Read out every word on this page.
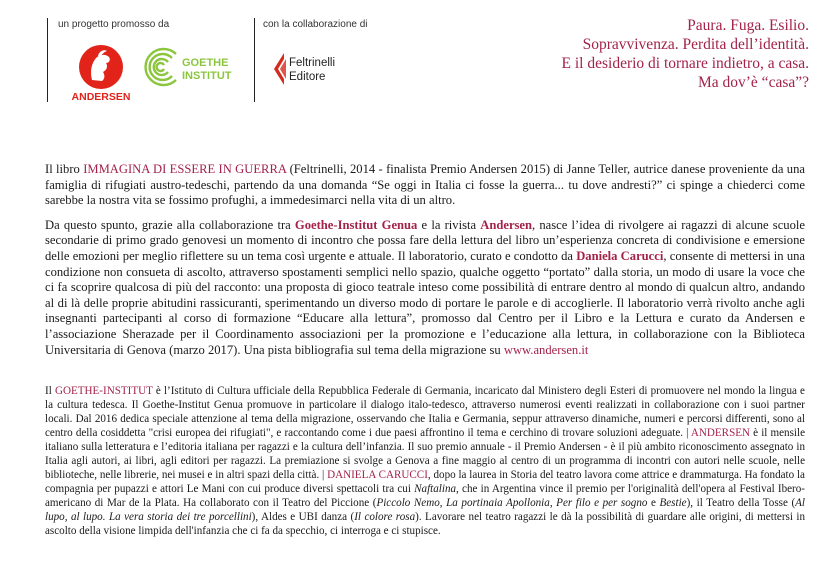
un progetto promosso da
ANDERSEN
GOETHE
INSTITUT
con la collaborazione di
Feltrinelli
Editore
Paura. Fuga. Esilio.
Sopravvivenza. Perdita dell’identità.
E il desiderio di tornare indietro, a casa.
Ma dov’è “casa”?

Il libro IMMAGINA DI ESSERE IN GUERRA (Feltrinelli, 2014 - finalista Premio Andersen 2015) di Janne Teller, autrice danese proveniente da una famiglia di rifugiati austro-tedeschi, partendo da una domanda “Se oggi in Italia ci fosse la guerra... tu dove andresti?” ci spinge a chiederci come sarebbe la nostra vita se fossimo profughi, a immedesimarci nella vita di un altro.

Da questo spunto, grazie alla collaborazione tra Goethe-Institut Genua e la rivista Andersen, nasce l’idea di rivolgere ai ragazzi di alcune scuole secondarie di primo grado genovesi un momento di incontro che possa fare della lettura del libro un’esperienza concreta di condivisione e emersione delle emozioni per meglio riflettere su un tema così urgente e attuale. Il laboratorio, curato e condotto da Daniela Carucci, consente di mettersi in una condizione non consueta di ascolto, attraverso spostamenti semplici nello spazio, qualche oggetto “portato” dalla storia, un modo di usare la voce che ci fa scoprire qualcosa di più del racconto: una proposta di gioco teatrale inteso come possibilità di entrare dentro al mondo di qualcun altro, andando al di là delle proprie abitudini rassicuranti, sperimentando un diverso modo di portare le parole e di accoglierle. Il laboratorio verrà rivolto anche agli insegnanti partecipanti al corso di formazione “Educare alla lettura”, promosso dal Centro per il Libro e la Lettura e curato da Andersen e l’associazione Sherazade per il Coordinamento associazioni per la promozione e l’educazione alla lettura, in collaborazione con la Biblioteca Universitaria di Genova (marzo 2017). Una pista bibliografia sul tema della migrazione su www.andersen.it

Il GOETHE-INSTITUT è l’Istituto di Cultura ufficiale della Repubblica Federale di Germania, incaricato dal Ministero degli Esteri di promuovere nel mondo la lingua e la cultura tedesca. Il Goethe-Institut Genua promuove in particolare il dialogo italo-tedesco, attraverso numerosi eventi realizzati in collaborazione con i suoi partner locali. Dal 2016 dedica speciale attenzione al tema della migrazione, osservando che Italia e Germania, seppur attraverso dinamiche, numeri e percorsi differenti, sono al centro della cosiddetta "crisi europea dei rifugiati", e raccontando come i due paesi affrontino il tema e cerchino di trovare soluzioni adeguate. | ANDERSEN è il mensile italiano sulla letteratura e l’editoria italiana per ragazzi e la cultura dell’infanzia. Il suo premio annuale - il Premio Andersen - è il più ambito riconoscimento assegnato in Italia agli autori, ai libri, agli editori per ragazzi. La premiazione si svolge a Genova a fine maggio al centro di un programma di incontri con autori nelle scuole, nelle biblioteche, nelle librerie, nei musei e in altri spazi della città. | DANIELA CARUCCI, dopo la laurea in Storia del teatro lavora come attrice e drammaturga. Ha fondato la compagnia per pupazzi e attori Le Mani con cui produce diversi spettacoli tra cui Naftalina, che in Argentina vince il premio per l'originalità dell'opera al Festival Ibero-americano di Mar de la Plata. Ha collaborato con il Teatro del Piccione (Piccolo Nemo, La portinaia Apollonia, Per filo e per sogno e Bestie), il Teatro della Tosse (Al lupo, al lupo. La vera storia dei tre porcellini), Aldes e UBI danza (Il colore rosa). Lavorare nel teatro ragazzi le dà la possibilità di guardare alle origini, di mettersi in ascolto della visione limpida dell'infanzia che ci fa da specchio, ci interroga e ci stupisce.
